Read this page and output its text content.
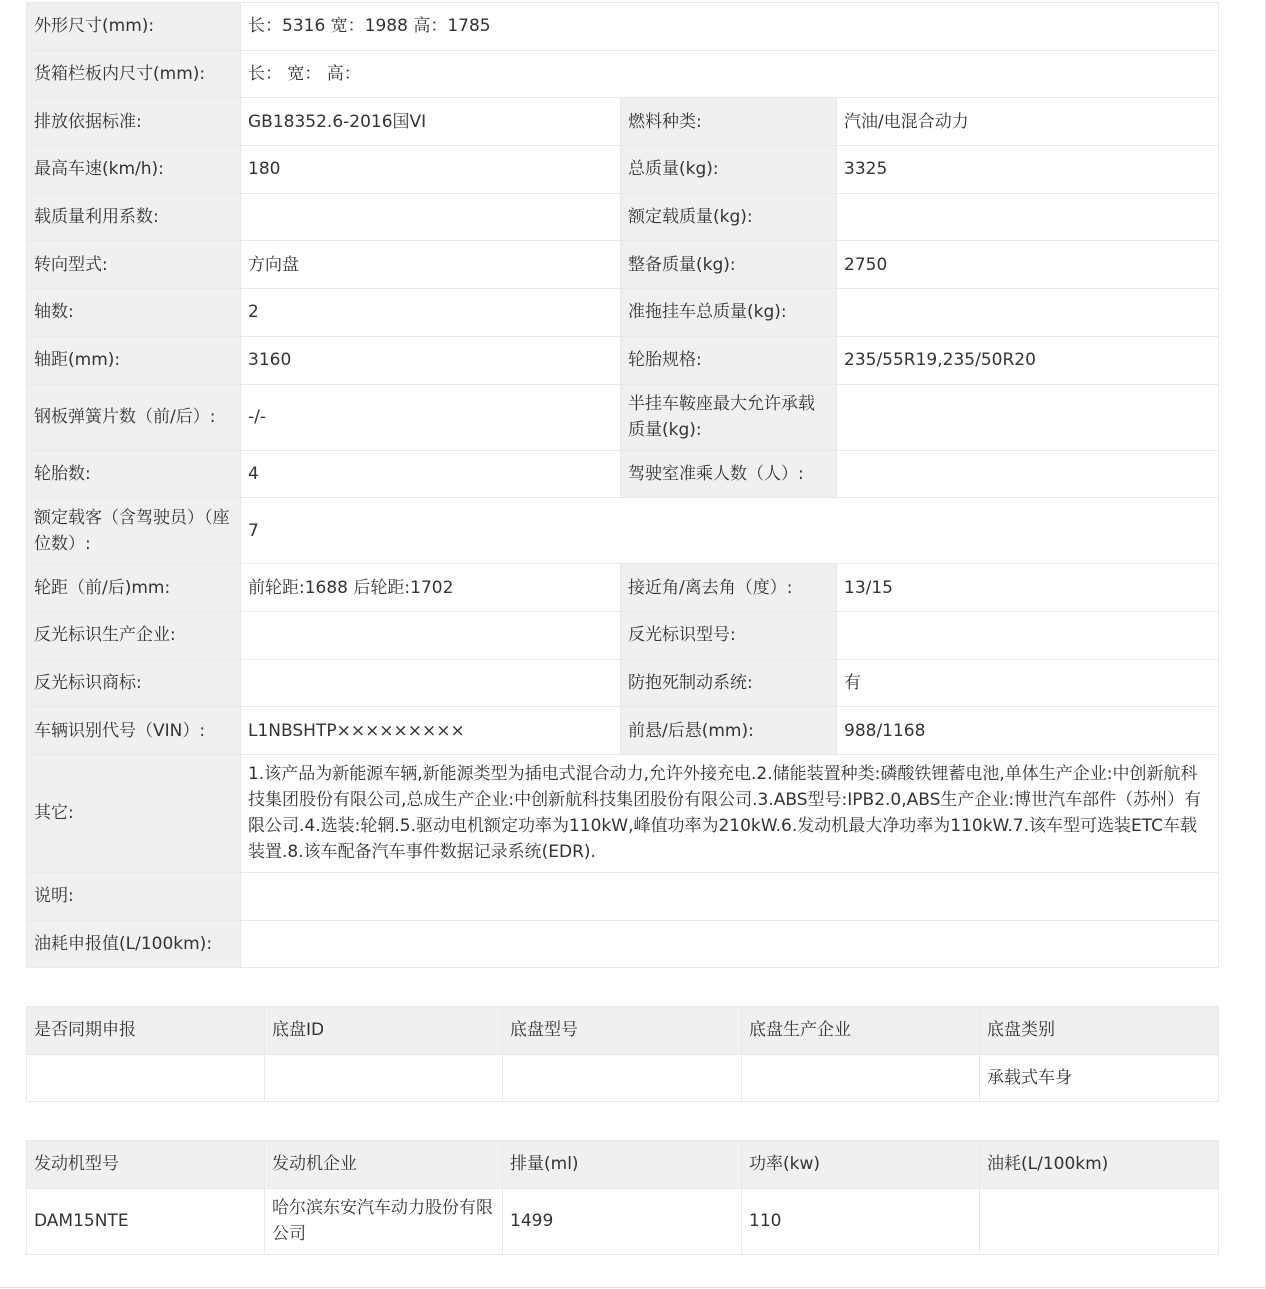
外形尺寸(mm):	长：5316 宽：1988 高：1785		
货箱栏板内尺寸(mm):	长： 宽： 高：		
排放依据标准:	GB18352.6-2016国VI	燃料种类:	汽油/电混合动力
最高车速(km/h):	180	总质量(kg):	3325
载质量利用系数:		额定载质量(kg):	
转向型式:	方向盘	整备质量(kg):	2750
轴数:	2	准拖挂车总质量(kg):	
轴距(mm):	3160	轮胎规格:	235/55R19,235/50R20
钢板弹簧片数（前/后）:	-/-	半挂车鞍座最大允许承载质量(kg):	
轮胎数:	4	驾驶室准乘人数（人）:	
额定载客（含驾驶员）（座位数）:	7		
轮距（前/后)mm:	前轮距:1688 后轮距:1702	接近角/离去角（度）:	13/15
反光标识生产企业:		反光标识型号:	
反光标识商标:		防抱死制动系统:	有
车辆识别代号（VIN）:	L1NBSHTP×××××××××	前悬/后悬(mm):	988/1168
其它:	1.该产品为新能源车辆,新能源类型为插电式混合动力,允许外接充电.2.储能装置种类:磷酸铁锂蓄电池,单体生产企业:中创新航科技集团股份有限公司,总成生产企业:中创新航科技集团股份有限公司.3.ABS型号:IPB2.0,ABS生产企业:博世汽车部件（苏州）有限公司.4.选装:轮辋.5.驱动电机额定功率为110kW,峰值功率为210kW.6.发动机最大净功率为110kW.7.该车型可选装ETC车载装置.8.该车配备汽车事件数据记录系统(EDR).		
说明:			
油耗申报值(L/100km):			
是否同期申报	底盘ID	底盘型号	底盘生产企业	底盘类别
				承载式车身
发动机型号	发动机企业	排量(ml)	功率(kw)	油耗(L/100km)
DAM15NTE	哈尔滨东安汽车动力股份有限公司	1499	110	
